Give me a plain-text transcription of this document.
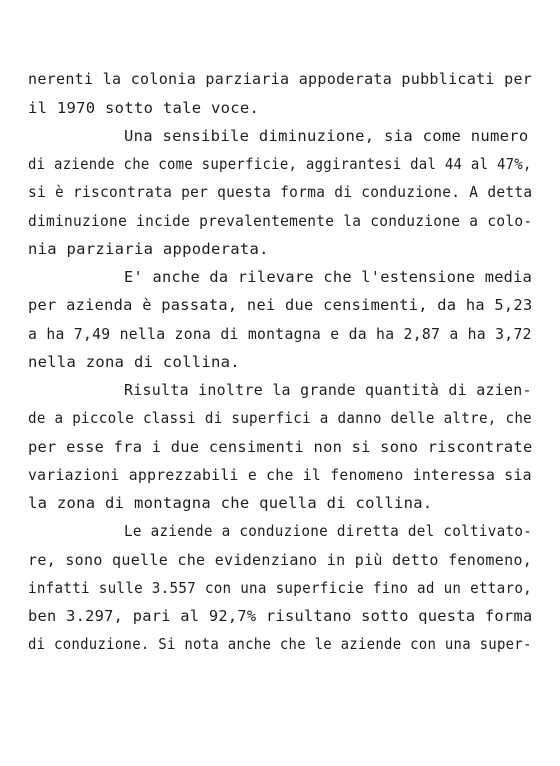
nerenti la colonia parziaria appoderata pubblicati per
il 1970 sotto tale voce.
Una sensibile diminuzione, sia come numero
di aziende che come superficie, aggirantesi dal 44 al 47%,
si è riscontrata per questa forma di conduzione. A detta
diminuzione incide prevalentemente la conduzione a colo-
nia parziaria appoderata.
E' anche da rilevare che l'estensione media
per azienda è passata, nei due censimenti, da ha 5,23
a ha 7,49 nella zona di montagna e da ha 2,87 a ha 3,72
nella zona di collina.
Risulta inoltre la grande quantità di azien-
de a piccole classi di superfici a danno delle altre, che
per esse fra i due censimenti non si sono riscontrate
variazioni apprezzabili e che il fenomeno interessa sia
la zona di montagna che quella di collina.
Le aziende a conduzione diretta del coltivato-
re, sono quelle che evidenziano in più detto fenomeno,
infatti sulle 3.557 con una superficie fino ad un ettaro,
ben 3.297, pari al 92,7% risultano sotto questa forma
di conduzione. Si nota anche che le aziende con una super-
